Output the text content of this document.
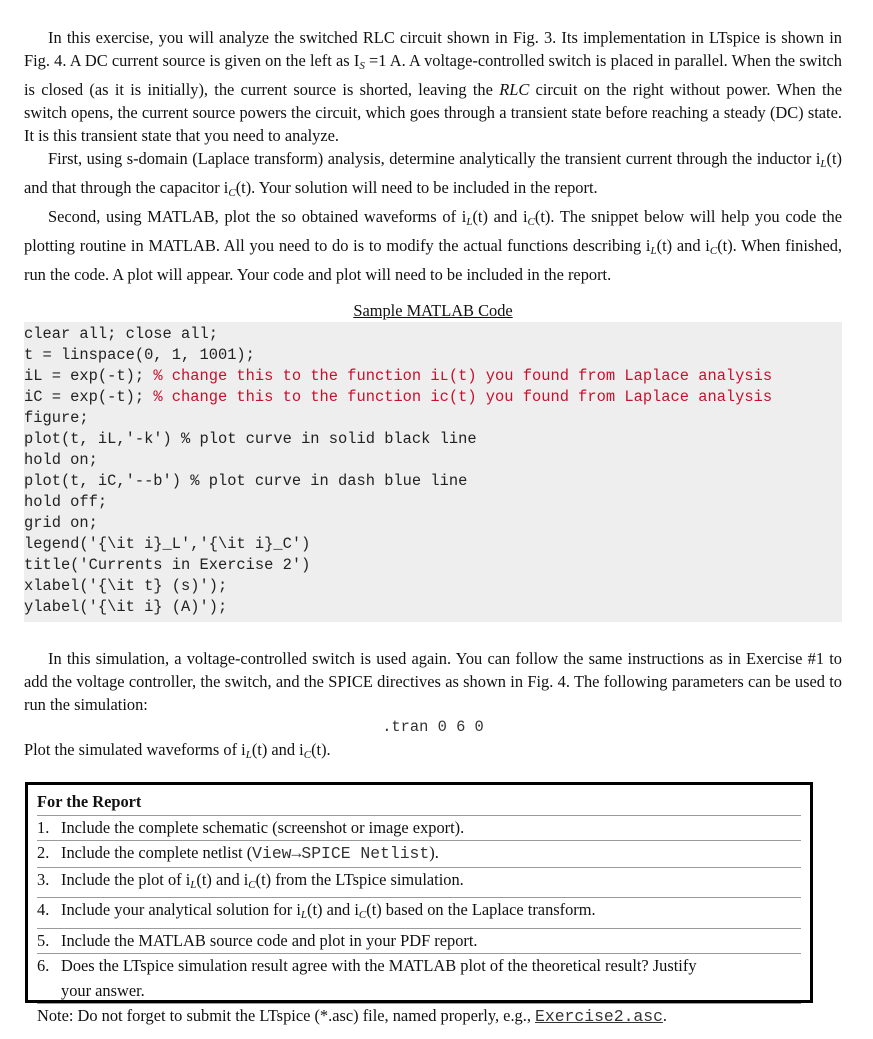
In this exercise, you will analyze the switched RLC circuit shown in Fig. 3. Its implementation in LTspice is shown in Fig. 4. A DC current source is given on the left as $I_S =1$ A. A voltage-controlled switch is placed in parallel. When the switch is closed (as it is initially), the current source is shorted, leaving the RLC circuit on the right without power. When the switch opens, the current source powers the circuit, which goes through a transient state before reaching a steady (DC) state. It is this transient state that you need to analyze.

First, using s-domain (Laplace transform) analysis, determine analytically the transient current through the inductor $i_L(t)$ and that through the capacitor $i_C(t)$. Your solution will need to be included in the report.

Second, using MATLAB, plot the so obtained waveforms of $i_L(t)$ and $i_C(t)$. The snippet below will help you code the plotting routine in MATLAB. All you need to do is to modify the actual functions describing $i_L(t)$ and $i_C(t)$. When finished, run the code. A plot will appear. Your code and plot will need to be included in the report.

Sample MATLAB Code
clear all; close all;
t = linspace(0, 1, 1001);
iL = exp(-t); % change this to the function iʟ(t) you found from Laplace analysis
iC = exp(-t); % change this to the function iᴄ(t) you found from Laplace analysis
figure;
plot(t, iL,'-k') % plot curve in solid black line
hold on;
plot(t, iC,'--b') % plot curve in dash blue line
hold off;
grid on;
legend('{\it i}_L','{\it i}_C')
title('Currents in Exercise 2')
xlabel('{\it t} (s)');
ylabel('{\it i} (A)');

In this simulation, a voltage-controlled switch is used again. You can follow the same instructions as in Exercise #1 to add the voltage controller, the switch, and the SPICE directives as shown in Fig. 4. The following parameters can be used to run the simulation:

.tran 0 6 0

Plot the simulated waveforms of $i_L(t)$ and $i_C(t)$.

For the Report
1. Include the complete schematic (screenshot or image export).
2. Include the complete netlist (View→SPICE Netlist).
3. Include the plot of $i_L(t)$ and $i_C(t)$ from the LTspice simulation.
4. Include your analytical solution for $i_L(t)$ and $i_C(t)$ based on the Laplace transform.
5. Include the MATLAB source code and plot in your PDF report.
6. Does the LTspice simulation result agree with the MATLAB plot of the theoretical result? Justify
your answer.
Note: Do not forget to submit the LTspice (*.asc) file, named properly, e.g., Exercise2.asc.
